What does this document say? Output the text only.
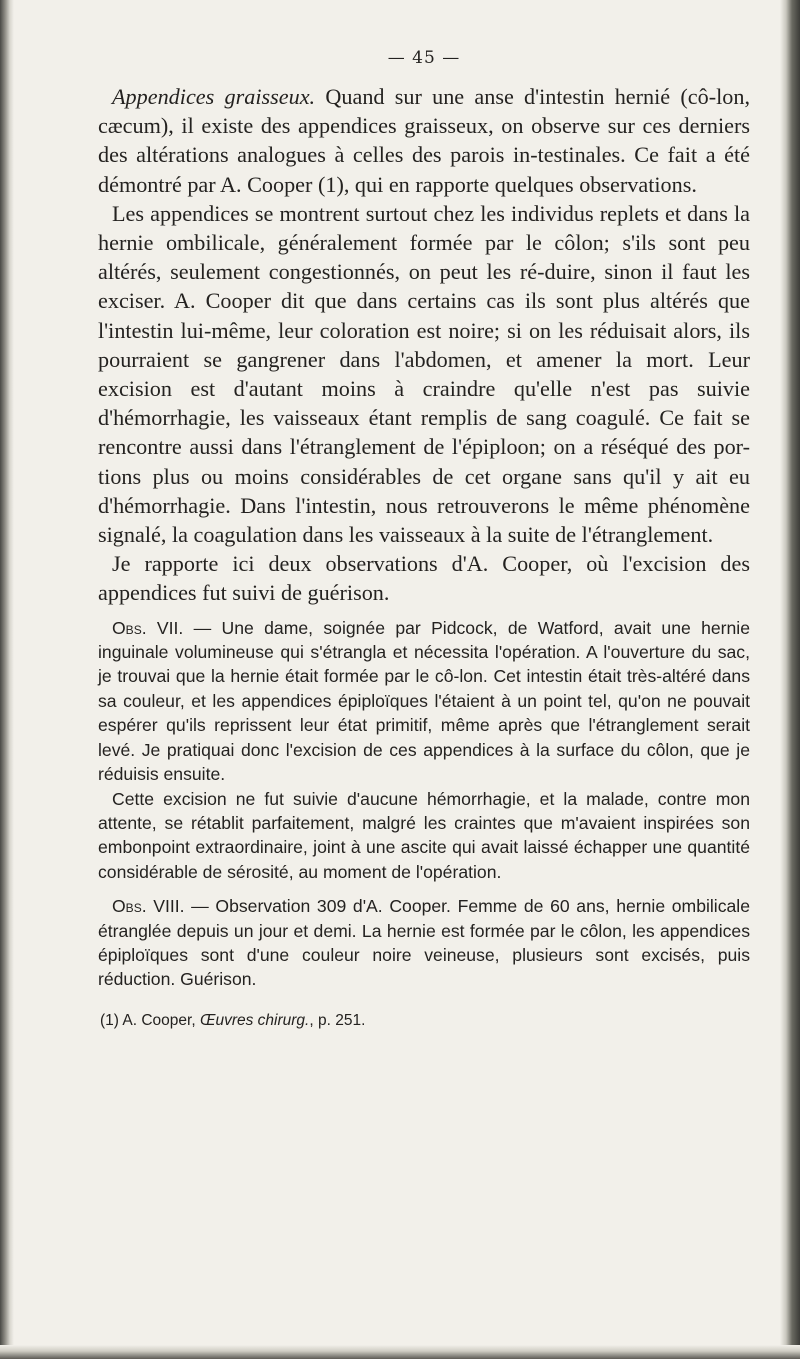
— 45 —

Appendices graisseux. Quand sur une anse d'intestin hernié (cô-lon, cæcum), il existe des appendices graisseux, on observe sur ces derniers des altérations analogues à celles des parois in-testinales. Ce fait a été démontré par A. Cooper (1), qui en rapporte quelques observations.

Les appendices se montrent surtout chez les individus replets et dans la hernie ombilicale, généralement formée par le côlon; s'ils sont peu altérés, seulement congestionnés, on peut les ré-duire, sinon il faut les exciser. A. Cooper dit que dans certains cas ils sont plus altérés que l'intestin lui-même, leur coloration est noire; si on les réduisait alors, ils pourraient se gangrener dans l'abdomen, et amener la mort. Leur excision est d'autant moins à craindre qu'elle n'est pas suivie d'hémorrhagie, les vaisseaux étant remplis de sang coagulé. Ce fait se rencontre aussi dans l'étranglement de l'épiploon; on a réséqué des por-tions plus ou moins considérables de cet organe sans qu'il y ait eu d'hémorrhagie. Dans l'intestin, nous retrouverons le même phénomène signalé, la coagulation dans les vaisseaux à la suite de l'étranglement.

Je rapporte ici deux observations d'A. Cooper, où l'excision des appendices fut suivi de guérison.

Obs. VII. — Une dame, soignée par Pidcock, de Watford, avait une hernie inguinale volumineuse qui s'étrangla et nécessita l'opération. A l'ouverture du sac, je trouvai que la hernie était formée par le cô-lon. Cet intestin était très-altéré dans sa couleur, et les appendices épiploïques l'étaient à un point tel, qu'on ne pouvait espérer qu'ils reprissent leur état primitif, même après que l'étranglement serait levé. Je pratiquai donc l'excision de ces appendices à la surface du côlon, que je réduisis ensuite.

Cette excision ne fut suivie d'aucune hémorrhagie, et la malade, contre mon attente, se rétablit parfaitement, malgré les craintes que m'avaient inspirées son embonpoint extraordinaire, joint à une ascite qui avait laissé échapper une quantité considérable de sérosité, au moment de l'opération.

Obs. VIII. — Observation 309 d'A. Cooper. Femme de 60 ans, hernie ombilicale étranglée depuis un jour et demi. La hernie est formée par le côlon, les appendices épiploïques sont d'une couleur noire veineuse, plusieurs sont excisés, puis réduction. Guérison.

(1) A. Cooper, Œuvres chirurg., p. 251.
